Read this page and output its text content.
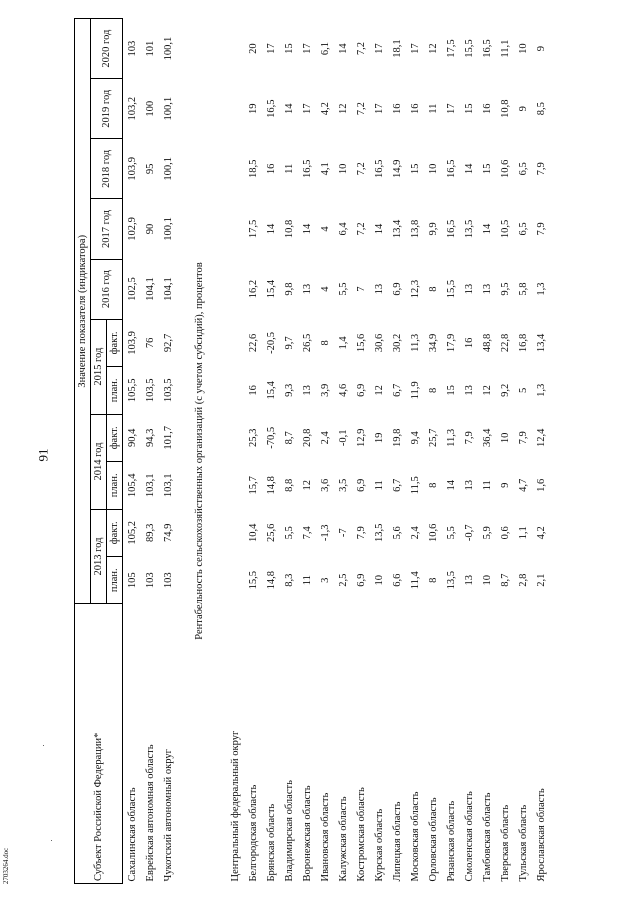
91
2703264.doc	Субъект Российской Федерации*	Значение показателя (индикатора)										
	2013 год		2014 год		2015 год		2016 год	2017 год	2018 год	2019 год	2020 год
	план.	факт.	план.	факт.	план.	факт.					
Сахалинская область	105	105,2	105,4	90,4	105,5	103,9	102,5	102,9	103,9	103,2	103
Еврейская автономная область	103	89,3	103,1	94,3	103,5	76	104,1	90	95	100	101
Чукотский автономный округ	103	74,9	103,1	101,7	103,5	92,7	104,1	100,1	100,1	100,1	100,1
Рентабельность сельскохозяйственных организаций (с учетом субсидий), процентов											
Центральный федеральный округ											
Белгородская область	15,5	10,4	15,7	25,3	16	22,6	16,2	17,5	18,5	19	20
Брянская область	14,8	25,6	14,8	-70,5	15,4	-20,5	15,4	14	16	16,5	17
Владимирская область	8,3	5,5	8,8	8,7	9,3	9,7	9,8	10,8	11	14	15
Воронежская область	11	7,4	12	20,8	13	26,5	13	14	16,5	17	17
Ивановская область	3	-1,3	3,6	2,4	3,9	8	4	4	4,1	4,2	6,1
Калужская область	2,5	-7	3,5	-0,1	4,6	1,4	5,5	6,4	10	12	14
Костромская область	6,9	7,9	6,9	12,9	6,9	15,6	7	7,2	7,2	7,2	7,2
Курская область	10	13,5	11	19	12	30,6	13	14	16,5	17	17
Липецкая область	6,6	5,6	6,7	19,8	6,7	30,2	6,9	13,4	14,9	16	18,1
Московская область	11,4	2,4	11,5	9,4	11,9	11,3	12,3	13,8	15	16	17
Орловская область	8	10,6	8	25,7	8	34,9	8	9,9	10	11	12
Рязанская область	13,5	5,5	14	11,3	15	17,9	15,5	16,5	16,5	17	17,5
Смоленская область	13	-0,7	13	7,9	13	16	13	13,5	14	15	15,5
Тамбовская область	10	5,9	11	36,4	12	48,8	13	14	15	16	16,5
Тверская область	8,7	0,6	9	10	9,2	22,8	9,5	10,5	10,6	10,8	11,1
Тульская область	2,8	1,1	4,7	7,9	5	16,8	5,8	6,5	6,5	9	10
Ярославская область	2,1	4,2	1,6	12,4	1,3	13,4	1,3	7,9	7,9	8,5	9
